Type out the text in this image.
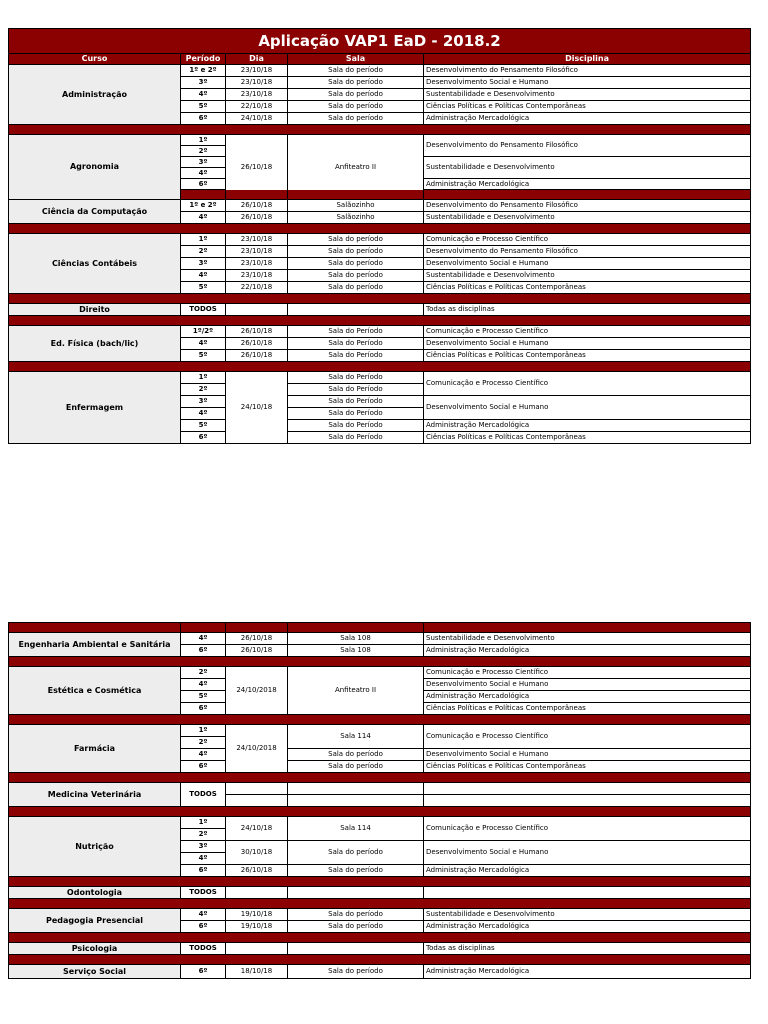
Aplicação VAP1 EaD - 2018.2				
Curso	Período	Dia	Sala	Disciplina
Administração	1º e 2º	23/10/18	Sala do período	Desenvolvimento do Pensamento Filosófico
	3º	23/10/18	Sala do período	Desenvolvimento Social e Humano
	4º	23/10/18	Sala do período	Sustentabilidade e Desenvolvimento
	5º	22/10/18	Sala do período	Ciências Políticas e Políticas Contemporâneas
	6º	24/10/18	Sala do período	Administração Mercadológica

Agronomia	1º	26/10/18	Anfiteatro II	Desenvolvimento do Pensamento Filosófico
	2º			
	3º			Sustentabilidade e Desenvolvimento
	4º			
	6º			Administração Mercadológica

Ciência da Computação	1º e 2º	26/10/18	Salãozinho	Desenvolvimento do Pensamento Filosófico
	4º	26/10/18	Salãozinho	Sustentabilidade e Desenvolvimento

Ciências Contábeis	1º	23/10/18	Sala do período	Comunicação e Processo Científico
	2º	23/10/18	Sala do período	Desenvolvimento do Pensamento Filosófico
	3º	23/10/18	Sala do período	Desenvolvimento Social e Humano
	4º	23/10/18	Sala do período	Sustentabilidade e Desenvolvimento
	5º	22/10/18	Sala do período	Ciências Políticas e Políticas Contemporâneas

Direito	TODOS			Todas as disciplinas

Ed. Física (bach/lic)	1º/2º	26/10/18	Sala do Período	Comunicação e Processo Científico
	4º	26/10/18	Sala do Período	Desenvolvimento Social e Humano
	5º	26/10/18	Sala do Período	Ciências Políticas e Políticas Contemporâneas

Enfermagem	1º	24/10/18	Sala do Período	Comunicação e Processo Científico
	2º		Sala do Período	
	3º		Sala do Período	Desenvolvimento Social e Humano
	4º		Sala do Período	
	5º		Sala do Período	Administração Mercadológica
	6º		Sala do Período	Ciências Políticas e Políticas Contemporâneas

Engenharia Ambiental e Sanitária	4º	26/10/18	Sala 108	Sustentabilidade e Desenvolvimento
	6º	26/10/18	Sala 108	Administração Mercadológica

Estética e Cosmética	2º	24/10/2018	Anfiteatro II	Comunicação e Processo Científico
	4º			Desenvolvimento Social e Humano
	5º			Administração Mercadológica
	6º			Ciências Políticas e Políticas Contemporâneas

Farmácia	1º	24/10/2018	Sala 114	Comunicação e Processo Científico
	2º			
	4º		Sala do período	Desenvolvimento Social e Humano
	6º		Sala do período	Ciências Políticas e Políticas Contemporâneas

Medicina Veterinária	TODOS			

Nutrição	1º	24/10/18	Sala 114	Comunicação e Processo Científico
	2º			
	3º	30/10/18	Sala do período	Desenvolvimento Social e Humano
	4º			
	6º	26/10/18	Sala do período	Administração Mercadológica

Odontologia	TODOS			

Pedagogia Presencial	4º	19/10/18	Sala do período	Sustentabilidade e Desenvolvimento
	6º	19/10/18	Sala do período	Administração Mercadológica

Psicologia	TODOS			Todas as disciplinas

Serviço Social	6º	18/10/18	Sala do período	Administração Mercadológica
